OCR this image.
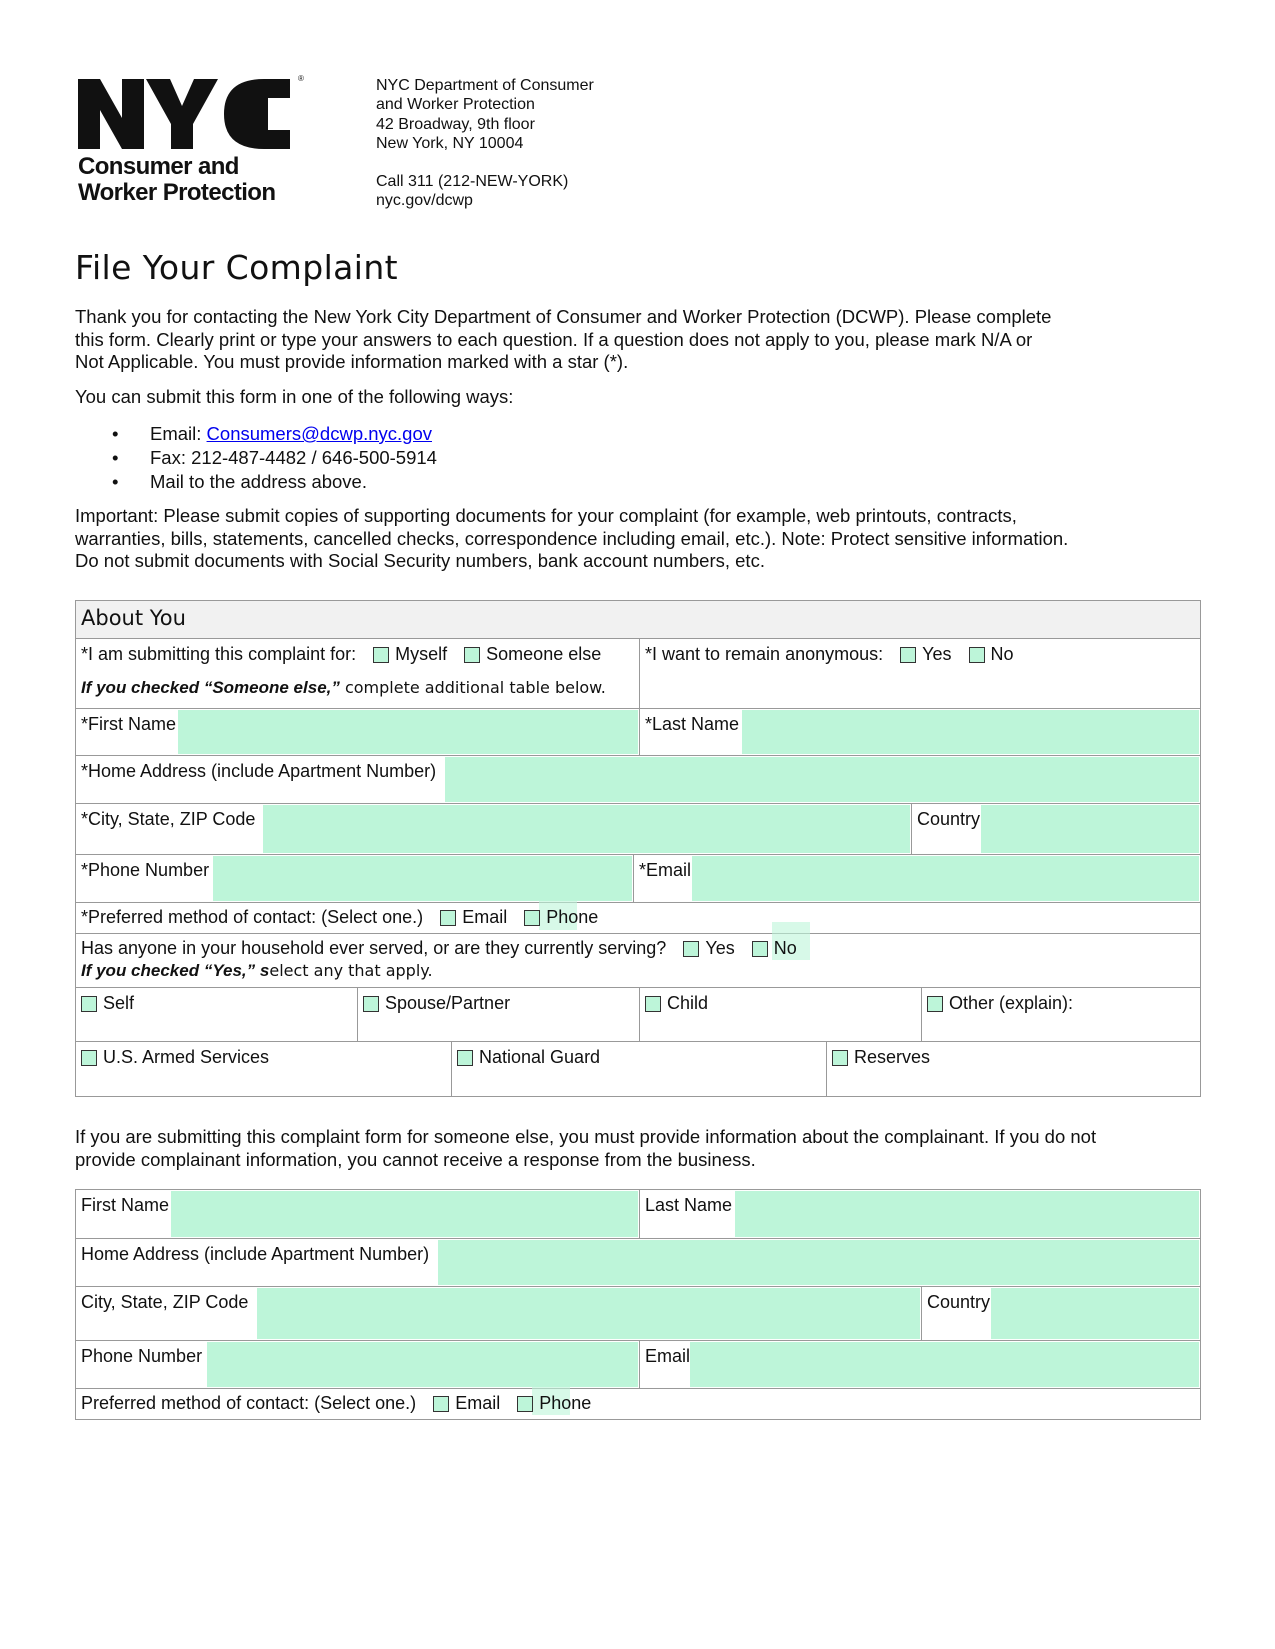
®
Consumer and
Worker Protection
NYC Department of Consumer
and Worker Protection
42 Broadway, 9th floor
New York, NY 10004
Call 311 (212-NEW-YORK)
nyc.gov/dcwp
File Your Complaint
Thank you for contacting the New York City Department of Consumer and Worker Protection (DCWP). Please complete
this form. Clearly print or type your answers to each question. If a question does not apply to you, please mark N/A or
Not Applicable. You must provide information marked with a star (*).
You can submit this form in one of the following ways:
• Email: Consumers@dcwp.nyc.gov
• Fax: 212-487-4482 / 646-500-5914
• Mail to the address above.
Important: Please submit copies of supporting documents for your complaint (for example, web printouts, contracts,
warranties, bills, statements, cancelled checks, correspondence including email, etc.). Note: Protect sensitive information.
Do not submit documents with Social Security numbers, bank account numbers, etc.
About You
*I am submitting this complaint for: Myself Someone else
If you checked “Someone else,” complete additional table below.
*I want to remain anonymous: Yes No
*First Name	*Last Name
*Home Address (include Apartment Number)
*City, State, ZIP Code	Country
*Phone Number	*Email
*Preferred method of contact: (Select one.) Email Phone
Has anyone in your household ever served, or are they currently serving? Yes No
If you checked “Yes,” select any that apply.
Self	Spouse/Partner	Child	Other (explain):
U.S. Armed Services	National Guard	Reserves
If you are submitting this complaint form for someone else, you must provide information about the complainant. If you do not
provide complainant information, you cannot receive a response from the business.
First Name	Last Name
Home Address (include Apartment Number)
City, State, ZIP Code	Country
Phone Number	Email
Preferred method of contact: (Select one.) Email Phone
